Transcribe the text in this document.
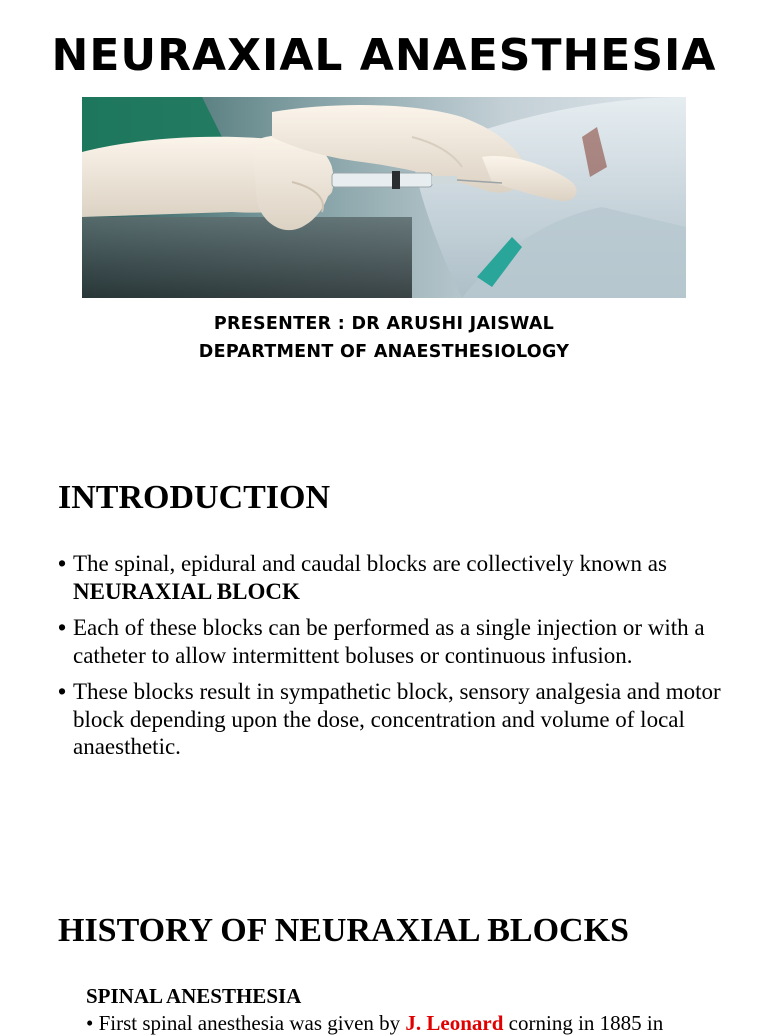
NEURAXIAL ANAESTHESIA
PRESENTER : DR ARUSHI JAISWAL
DEPARTMENT OF ANAESTHESIOLOGY
INTRODUCTION
• The spinal, epidural and caudal blocks are collectively known as NEURAXIAL BLOCK
• Each of these blocks can be performed as a single injection or with a catheter to allow intermittent boluses or continuous infusion.
• These blocks result in sympathetic block, sensory analgesia and motor block depending upon the dose, concentration and volume of local anaesthetic.
HISTORY OF NEURAXIAL BLOCKS
SPINAL ANESTHESIA
• First spinal anesthesia was given by J. Leonard corning in 1885 in
